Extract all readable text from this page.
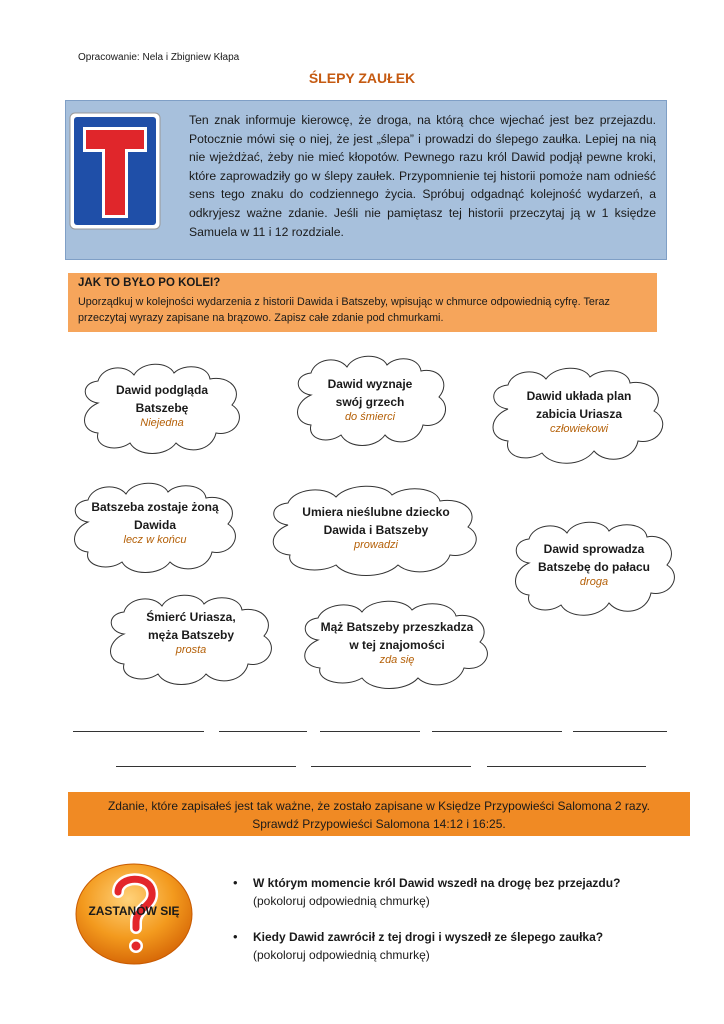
Opracowanie: Nela i Zbigniew Kłapa
ŚLEPY ZAUŁEK
Ten znak informuje kierowcę, że droga, na którą chce wjechać jest bez przejazdu. Potocznie mówi się o niej, że jest „ślepa” i prowadzi do ślepego zaułka. Lepiej na nią nie wjeżdżać, żeby nie mieć kłopotów. Pewnego razu król Dawid podjął pewne kroki, które zaprowadziły go w ślepy zaułek. Przypomnienie tej historii pomoże nam odnieść sens tego znaku do codziennego życia. Spróbuj odgadnąć kolejność wydarzeń, a odkryjesz ważne zdanie. Jeśli nie pamiętasz tej historii przeczytaj ją w 1 księdze Samuela w 11 i 12 rozdziale.
JAK TO BYŁO PO KOLEI?
Uporządkuj w kolejności wydarzenia z historii Dawida i Batszeby, wpisując w chmurce odpowiednią cyfrę. Teraz przeczytaj wyrazy zapisane na brązowo. Zapisz całe zdanie pod chmurkami.
Dawid podgląda
Batszebę
Niejedna
Dawid wyznaje
swój grzech
do śmierci
Dawid układa plan
zabicia Uriasza
człowiekowi
Batszeba zostaje żoną
Dawida
lecz w końcu
Umiera nieślubne dziecko
Dawida i Batszeby
prowadzi	Dawid sprowadza
Batszebę do pałacu
droga
Śmierć Uriasza,
męża Batszeby
prosta
Mąż Batszeby przeszkadza
w tej znajomości
zda się
Zdanie, które zapisałeś jest tak ważne, że zostało zapisane w Księdze Przypowieści Salomona 2 razy.
Sprawdź Przypowieści Salomona 14:12 i 16:25.
ZASTANÓW SIĘ
• W którym momencie król Dawid wszedł na drogę bez przejazdu?
(pokoloruj odpowiednią chmurkę)
• Kiedy Dawid zawrócił z tej drogi i wyszedł ze ślepego zaułka?
(pokoloruj odpowiednią chmurkę)
